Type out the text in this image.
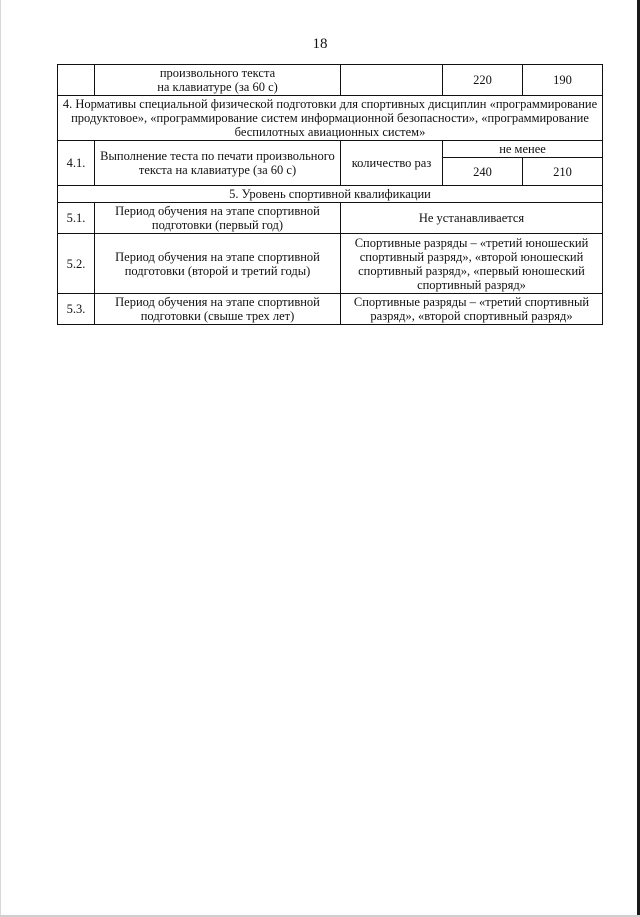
18
	произвольного текста
на клавиатуре (за 60 с)		220	190
4. Нормативы специальной физической подготовки для спортивных дисциплин «программирование продуктовое», «программирование систем информационной безопасности», «программирование беспилотных авиационных систем»				
4.1.	Выполнение теста по печати произвольного текста на клавиатуре (за 60 с)	количество раз	не менее	
			240	210
5. Уровень спортивной квалификации				
5.1.	Период обучения на этапе спортивной подготовки (первый год)	Не устанавливается		
5.2.	Период обучения на этапе спортивной подготовки (второй и третий годы)	Спортивные разряды – «третий юношеский спортивный разряд», «второй юношеский спортивный разряд», «первый юношеский спортивный разряд»		
5.3.	Период обучения на этапе спортивной подготовки (свыше трех лет)	Спортивные разряды – «третий спортивный разряд», «второй спортивный разряд»		
